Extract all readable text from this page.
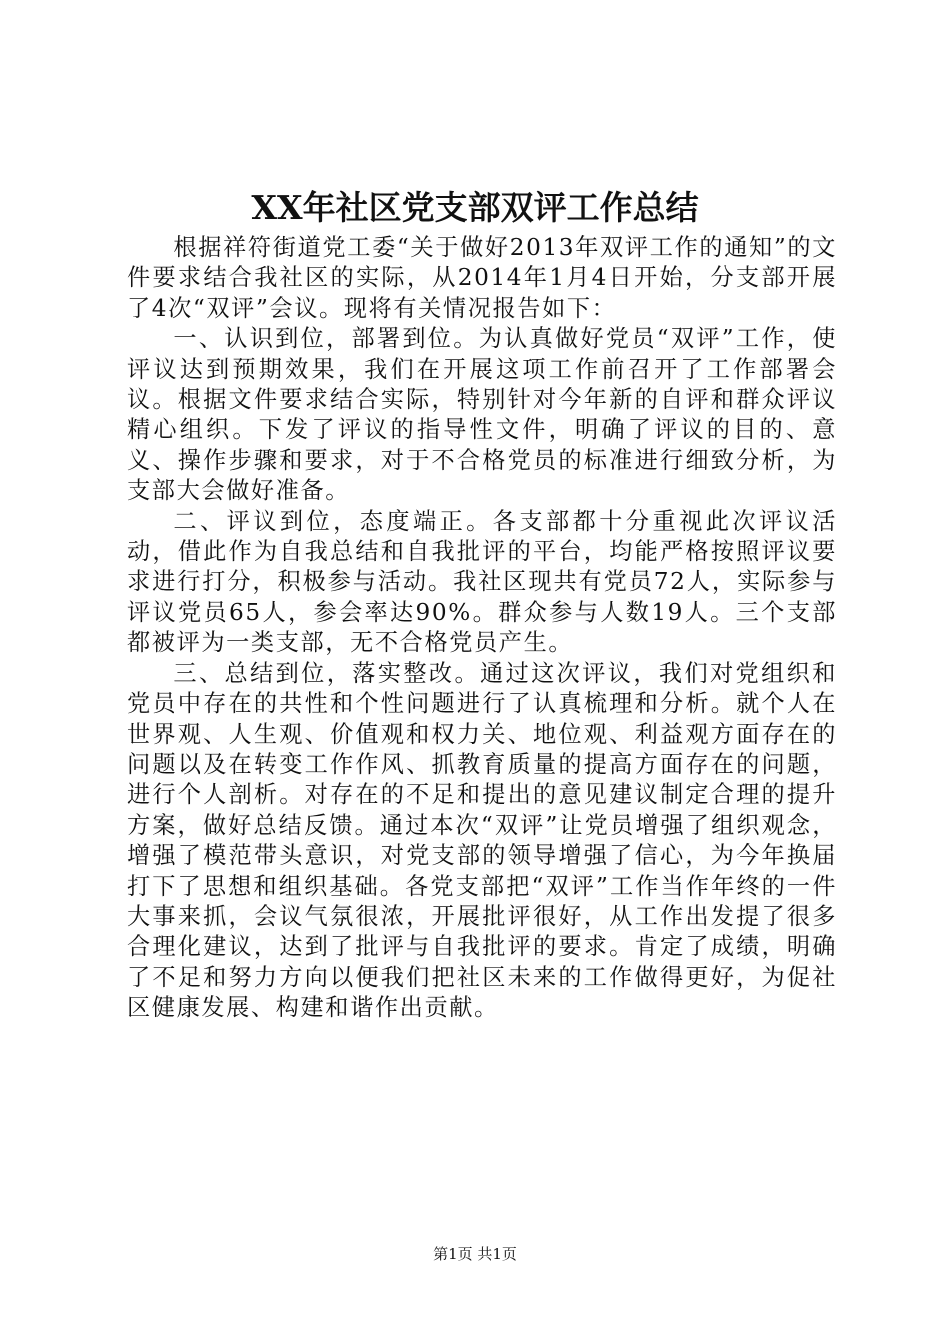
XX年社区党支部双评工作总结

根据祥符街道党工委“关于做好2013年双评工作的通知”的文件要求结合我社区的实际，从2014年1月4日开始，分支部开展了4次“双评”会议。现将有关情况报告如下：

一、认识到位，部署到位。为认真做好党员“双评”工作，使评议达到预期效果，我们在开展这项工作前召开了工作部署会议。根据文件要求结合实际，特别针对今年新的自评和群众评议精心组织。下发了评议的指导性文件，明确了评议的目的、意义、操作步骤和要求，对于不合格党员的标准进行细致分析，为支部大会做好准备。

二、评议到位，态度端正。各支部都十分重视此次评议活动，借此作为自我总结和自我批评的平台，均能严格按照评议要求进行打分，积极参与活动。我社区现共有党员72人，实际参与评议党员65人，参会率达90%。群众参与人数19人。三个支部都被评为一类支部，无不合格党员产生。

三、总结到位，落实整改。通过这次评议，我们对党组织和党员中存在的共性和个性问题进行了认真梳理和分析。就个人在世界观、人生观、价值观和权力关、地位观、利益观方面存在的问题以及在转变工作作风、抓教育质量的提高方面存在的问题，进行个人剖析。对存在的不足和提出的意见建议制定合理的提升方案，做好总结反馈。通过本次“双评”让党员增强了组织观念，增强了模范带头意识，对党支部的领导增强了信心，为今年换届打下了思想和组织基础。各党支部把“双评”工作当作年终的一件大事来抓，会议气氛很浓，开展批评很好，从工作出发提了很多合理化建议，达到了批评与自我批评的要求。肯定了成绩，明确了不足和努力方向以便我们把社区未来的工作做得更好，为促社区健康发展、构建和谐作出贡献。

第1页 共1页
